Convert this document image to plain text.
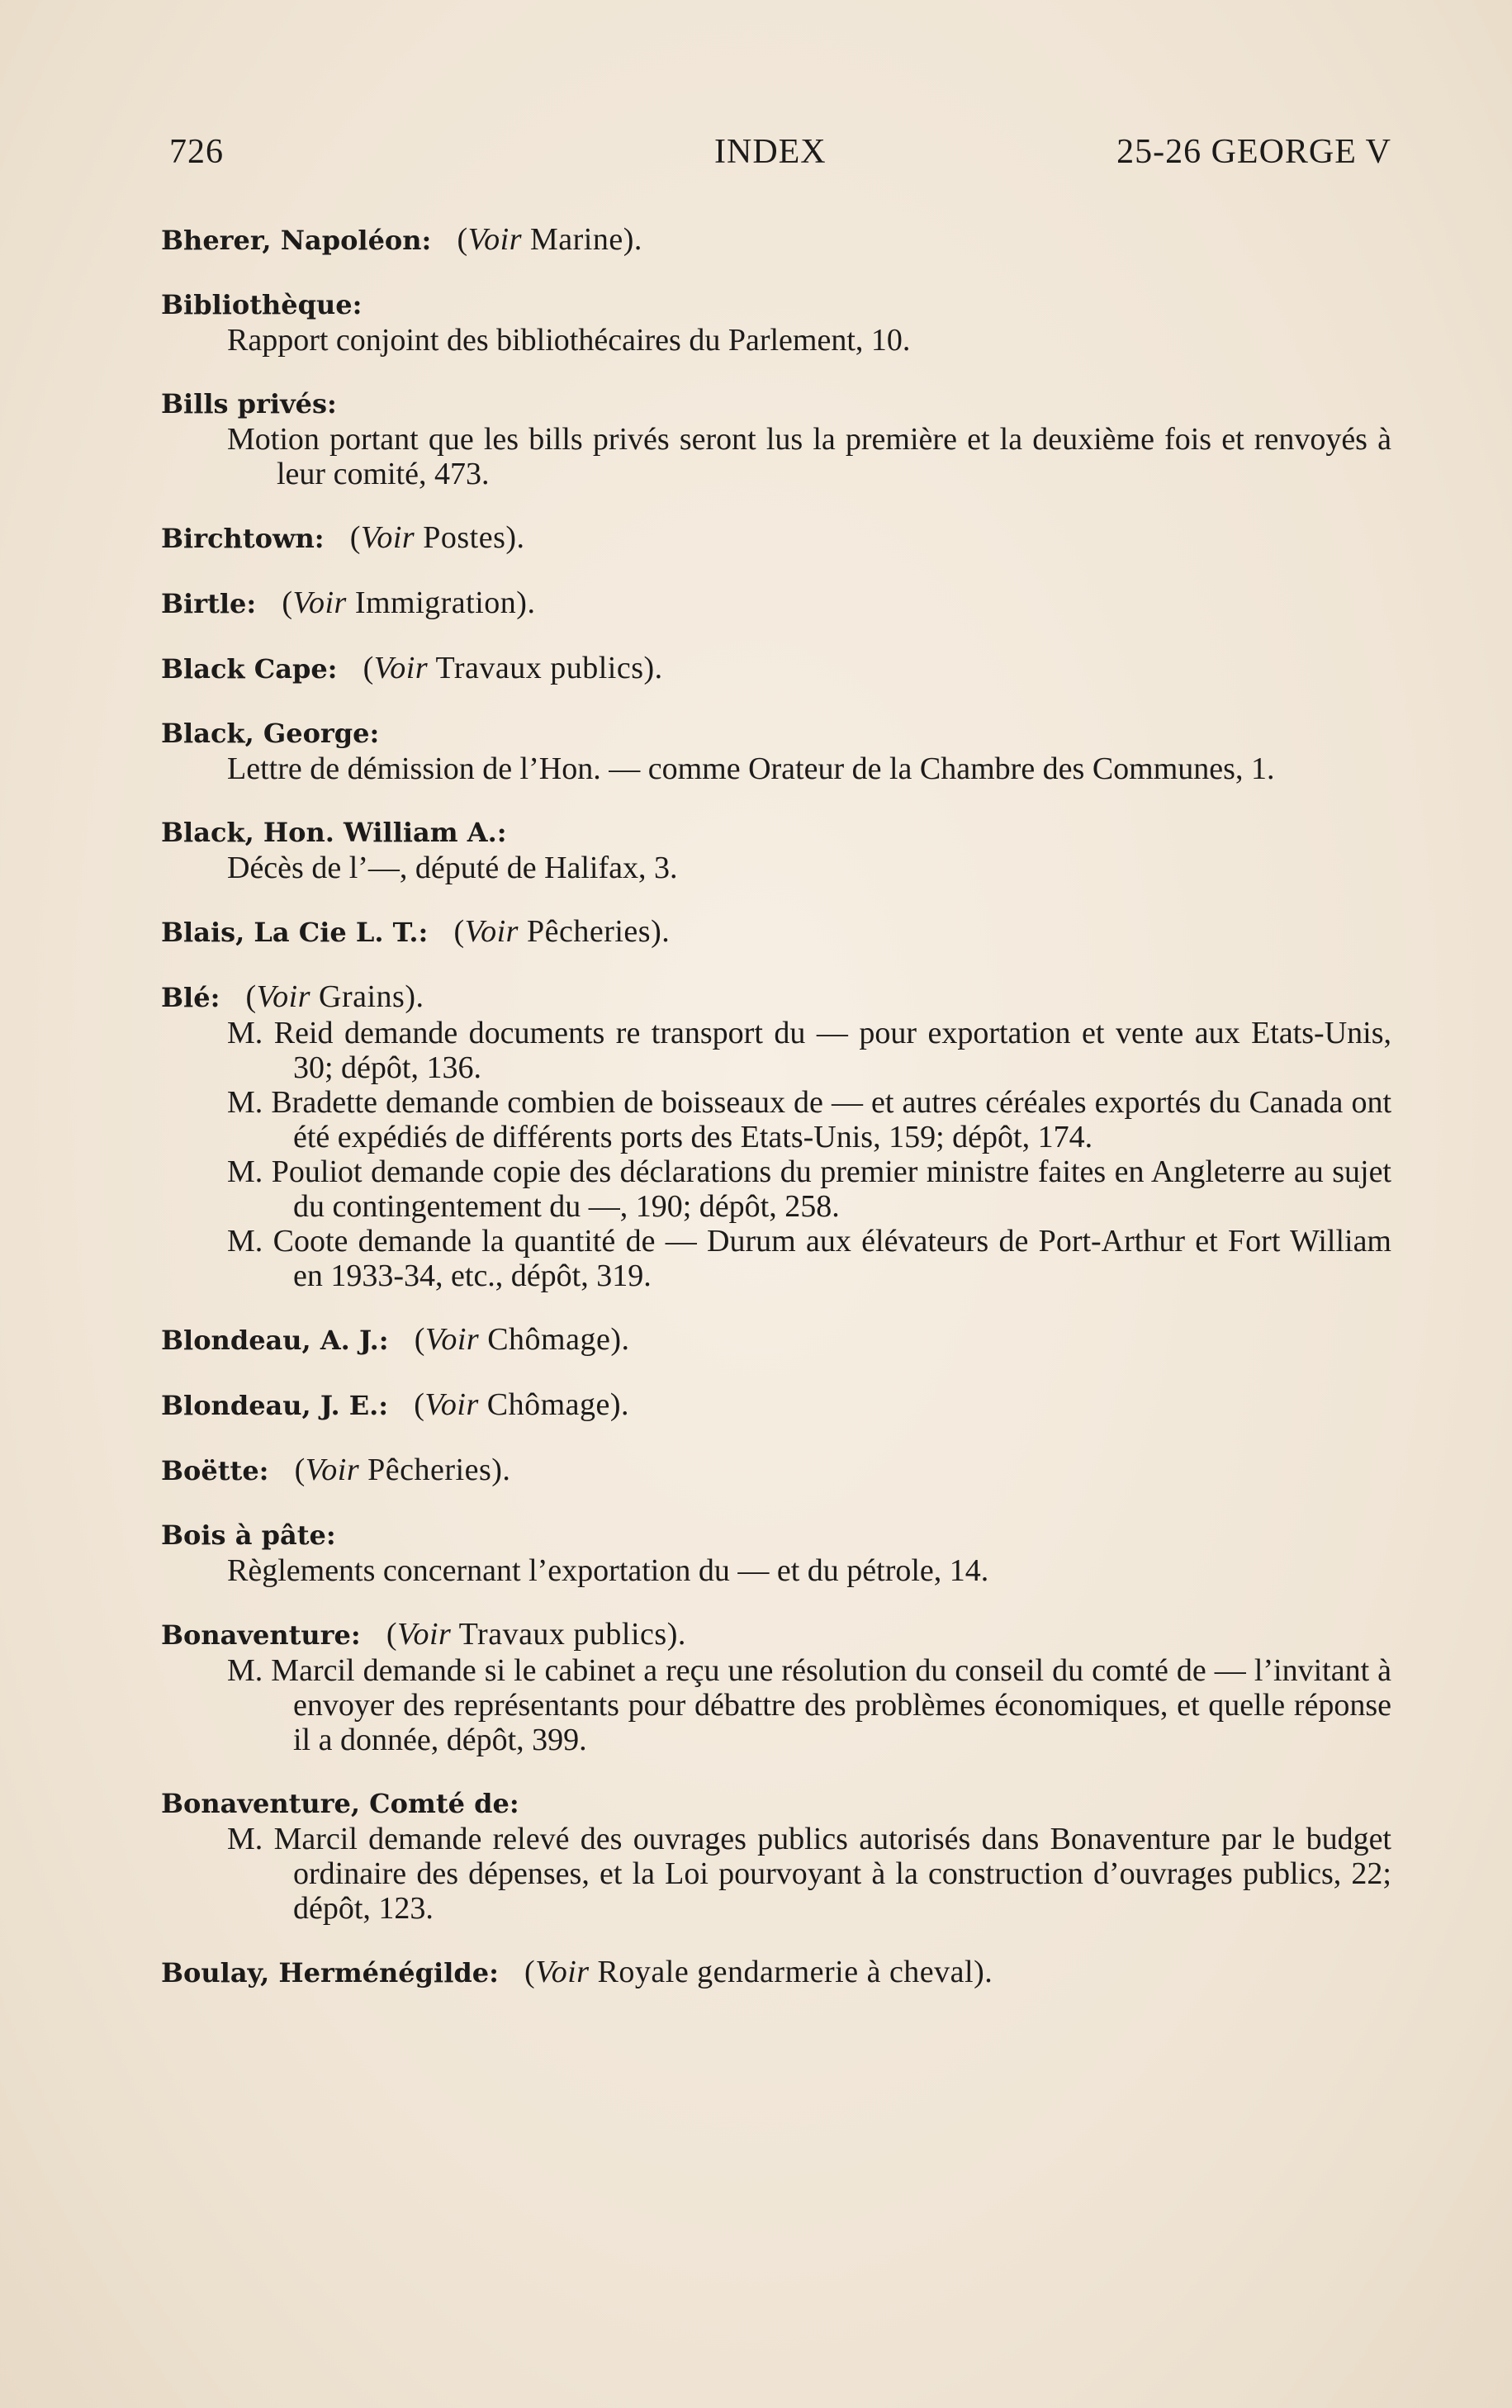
726	INDEX	25-26 GEORGE V
Bherer, Napoléon:   (Voir Marine).
Bibliothèque:
Rapport conjoint des bibliothécaires du Parlement, 10.
Bills privés:
Motion portant que les bills privés seront lus la première et la deuxième fois et renvoyés à leur comité, 473.
Birchtown:   (Voir Postes).
Birtle:   (Voir Immigration).
Black Cape:   (Voir Travaux publics).
Black, George:
Lettre de démission de l’Hon. — comme Orateur de la Chambre des Communes, 1.
Black, Hon. William A.:
Décès de l’—, député de Halifax, 3.
Blais, La Cie L. T.:   (Voir Pêcheries).
Blé:   (Voir Grains).
M. Reid demande documents re transport du — pour exportation et vente aux Etats-Unis, 30; dépôt, 136.
M. Bradette demande combien de boisseaux de — et autres céréales exportés du Canada ont été expédiés de différents ports des Etats-Unis, 159; dépôt, 174.
M. Pouliot demande copie des déclarations du premier ministre faites en Angleterre au sujet du contingentement du —, 190; dépôt, 258.
M. Coote demande la quantité de — Durum aux élévateurs de Port-Arthur et Fort William en 1933-34, etc., dépôt, 319.
Blondeau, A. J.:   (Voir Chômage).
Blondeau, J. E.:   (Voir Chômage).
Boëtte:   (Voir Pêcheries).
Bois à pâte:
Règlements concernant l’exportation du — et du pétrole, 14.
Bonaventure:   (Voir Travaux publics).
M. Marcil demande si le cabinet a reçu une résolution du conseil du comté de — l’invitant à envoyer des représentants pour débattre des problèmes économiques, et quelle réponse il a donnée, dépôt, 399.
Bonaventure, Comté de:
M. Marcil demande relevé des ouvrages publics autorisés dans Bonaventure par le budget ordinaire des dépenses, et la Loi pourvoyant à la construction d’ouvrages publics, 22; dépôt, 123.
Boulay, Herménégilde:   (Voir Royale gendarmerie à cheval).
